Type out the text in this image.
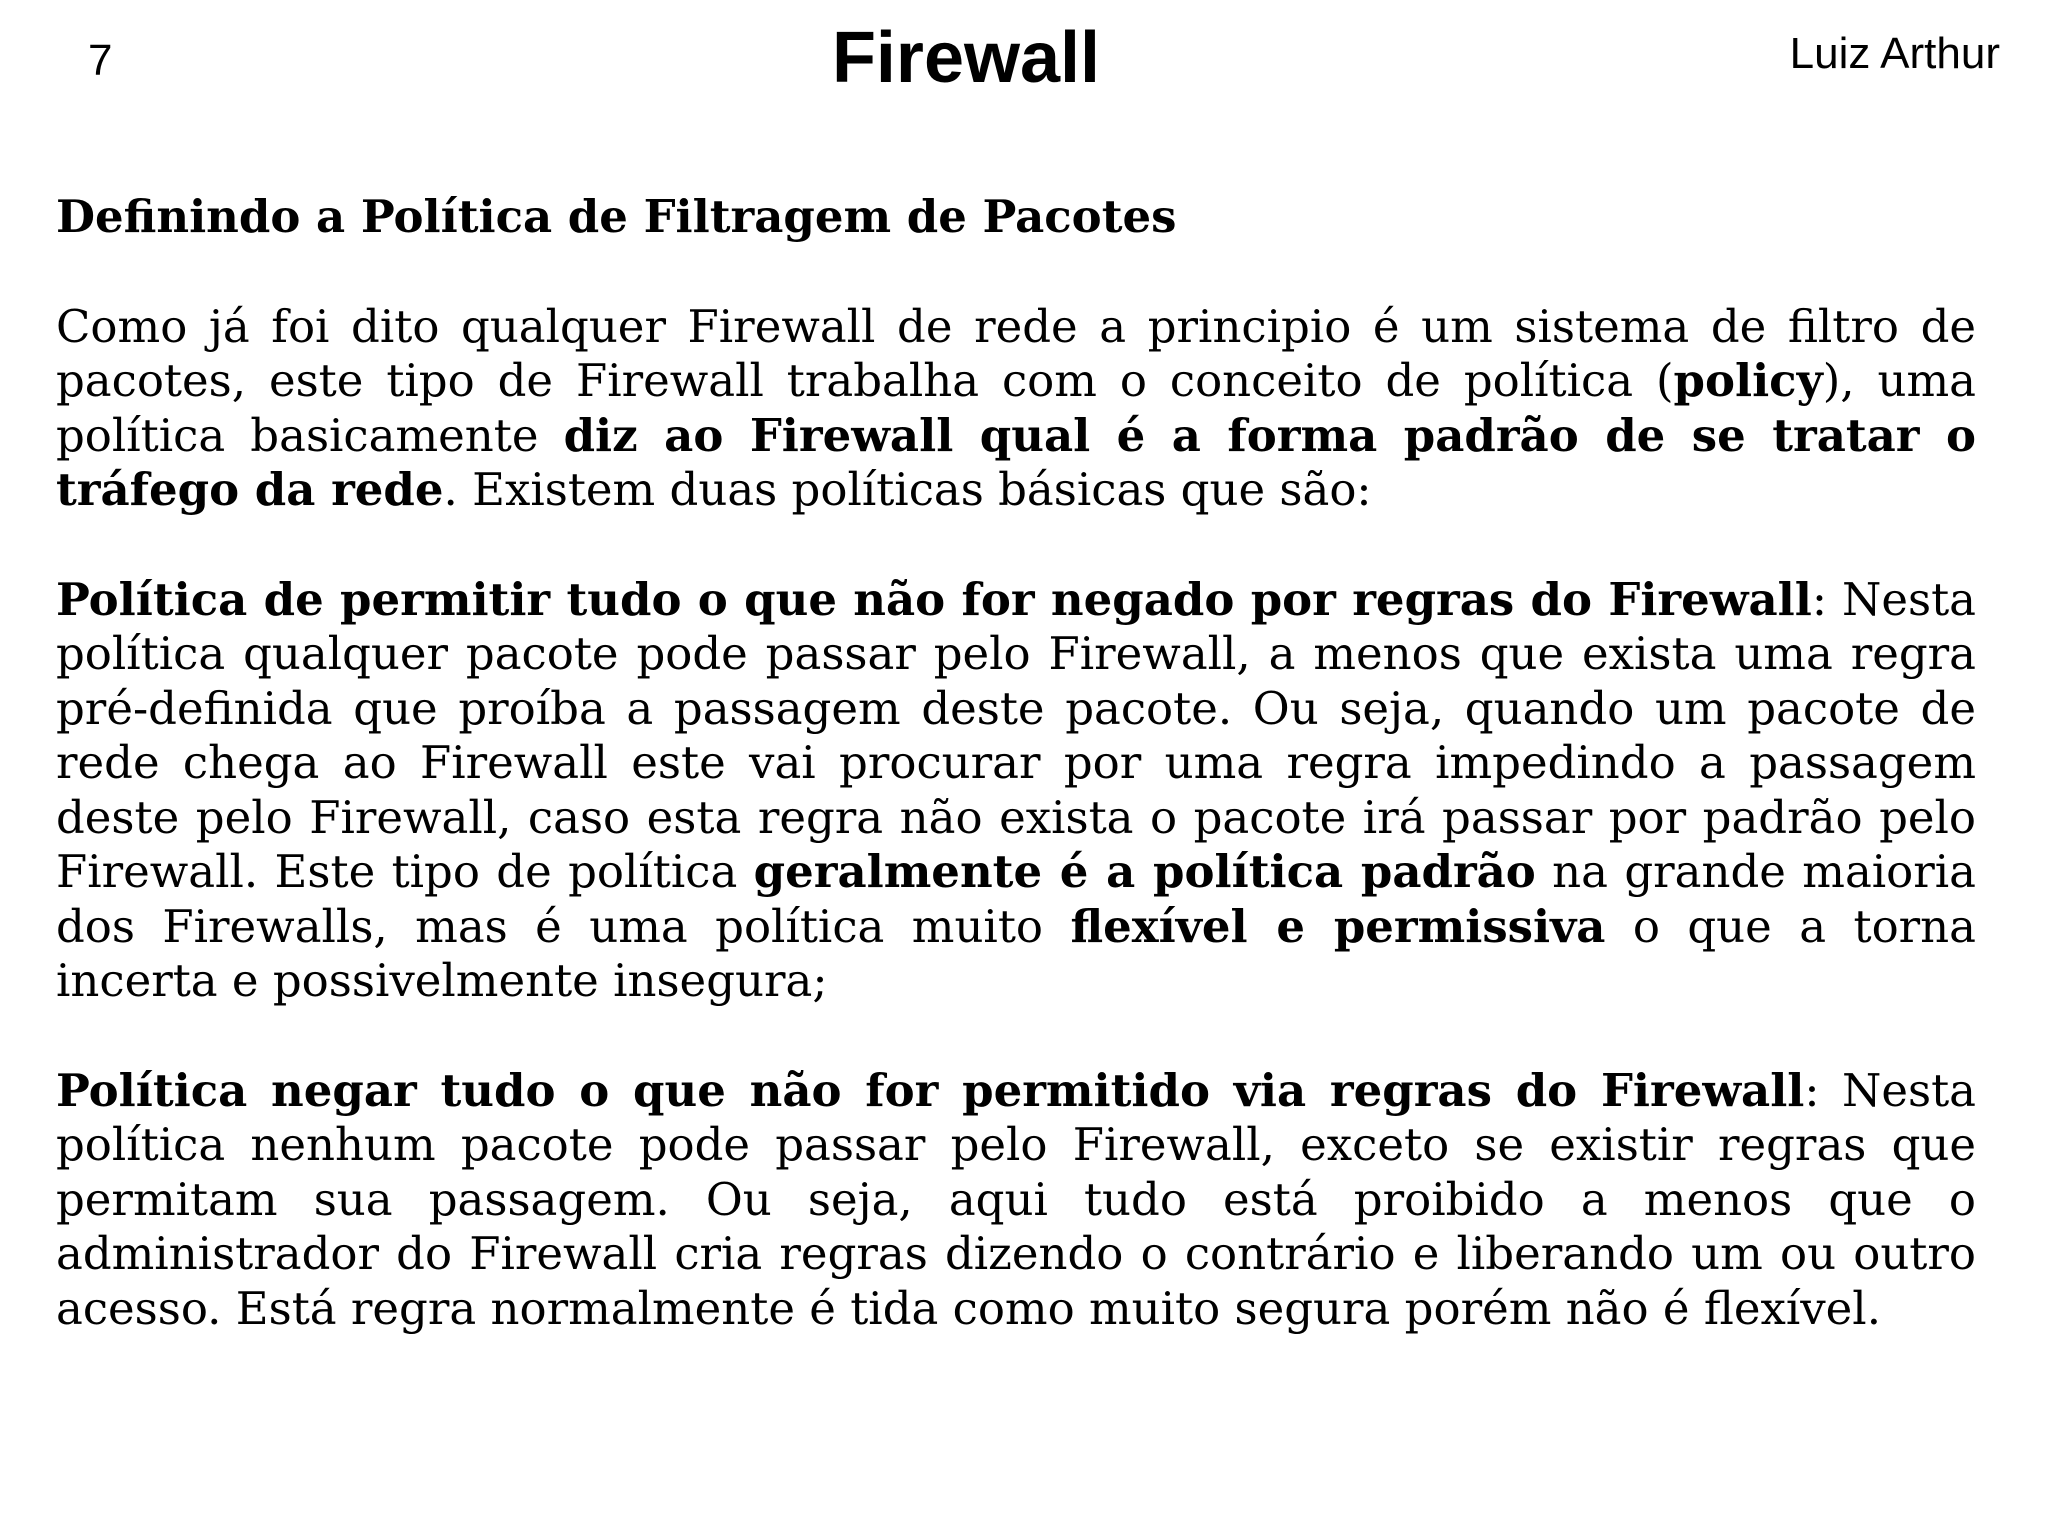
7	Firewall	Luiz Arthur

Definindo a Política de Filtragem de Pacotes

Como já foi dito qualquer Firewall de rede a principio é um sistema de filtro de pacotes, este tipo de Firewall trabalha com o conceito de política (policy), uma política basicamente diz ao Firewall qual é a forma padrão de se tratar o tráfego da rede. Existem duas políticas básicas que são:

Política de permitir tudo o que não for negado por regras do Firewall: Nesta política qualquer pacote pode passar pelo Firewall, a menos que exista uma regra pré-definida que proíba a passagem deste pacote. Ou seja, quando um pacote de rede chega ao Firewall este vai procurar por uma regra impedindo a passagem deste pelo Firewall, caso esta regra não exista o pacote irá passar por padrão pelo Firewall. Este tipo de política geralmente é a política padrão na grande maioria dos Firewalls, mas é uma política muito flexível e permissiva o que a torna incerta e possivelmente insegura;

Política negar tudo o que não for permitido via regras do Firewall: Nesta política nenhum pacote pode passar pelo Firewall, exceto se existir regras que permitam sua passagem. Ou seja, aqui tudo está proibido a menos que o administrador do Firewall cria regras dizendo o contrário e liberando um ou outro acesso. Está regra normalmente é tida como muito segura porém não é flexível.
